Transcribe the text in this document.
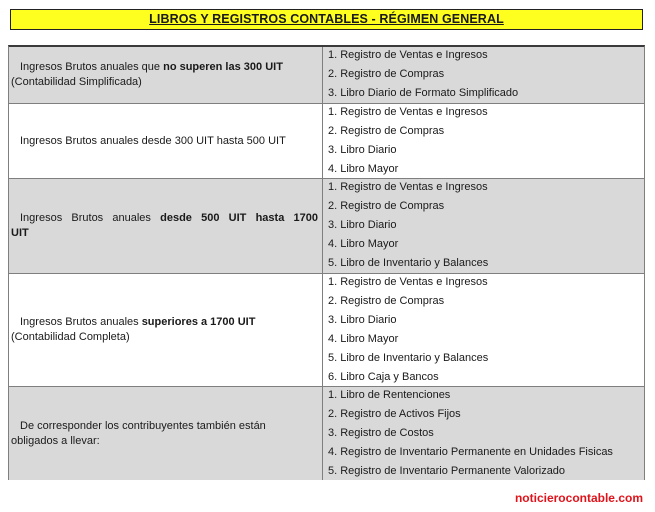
LIBROS Y REGISTROS CONTABLES - RÉGIMEN GENERAL
Ingresos Brutos anuales que no superen las 300 UIT
(Contabilidad Simplificada)
1. Registro de Ventas e Ingresos
2. Registro de Compras
3. Libro Diario de Formato Simplificado
Ingresos Brutos anuales desde 300 UIT hasta 500 UIT
1. Registro de Ventas e Ingresos
2. Registro de Compras
3. Libro Diario
4. Libro Mayor
Ingresos Brutos anuales desde 500 UIT hasta 1700
UIT
1. Registro de Ventas e Ingresos
2. Registro de Compras
3. Libro Diario
4. Libro Mayor
5. Libro de Inventario y Balances
Ingresos Brutos anuales superiores a 1700 UIT
(Contabilidad Completa)
1. Registro de Ventas e Ingresos
2. Registro de Compras
3. Libro Diario
4. Libro Mayor
5. Libro de Inventario y Balances
6. Libro Caja y Bancos
De corresponder los contribuyentes también están
obligados a llevar:
1. Libro de Rentenciones
2. Registro de Activos Fijos
3. Registro de Costos
4. Registro de Inventario Permanente en Unidades Fisicas
5. Registro de Inventario Permanente Valorizado
noticierocontable.com
